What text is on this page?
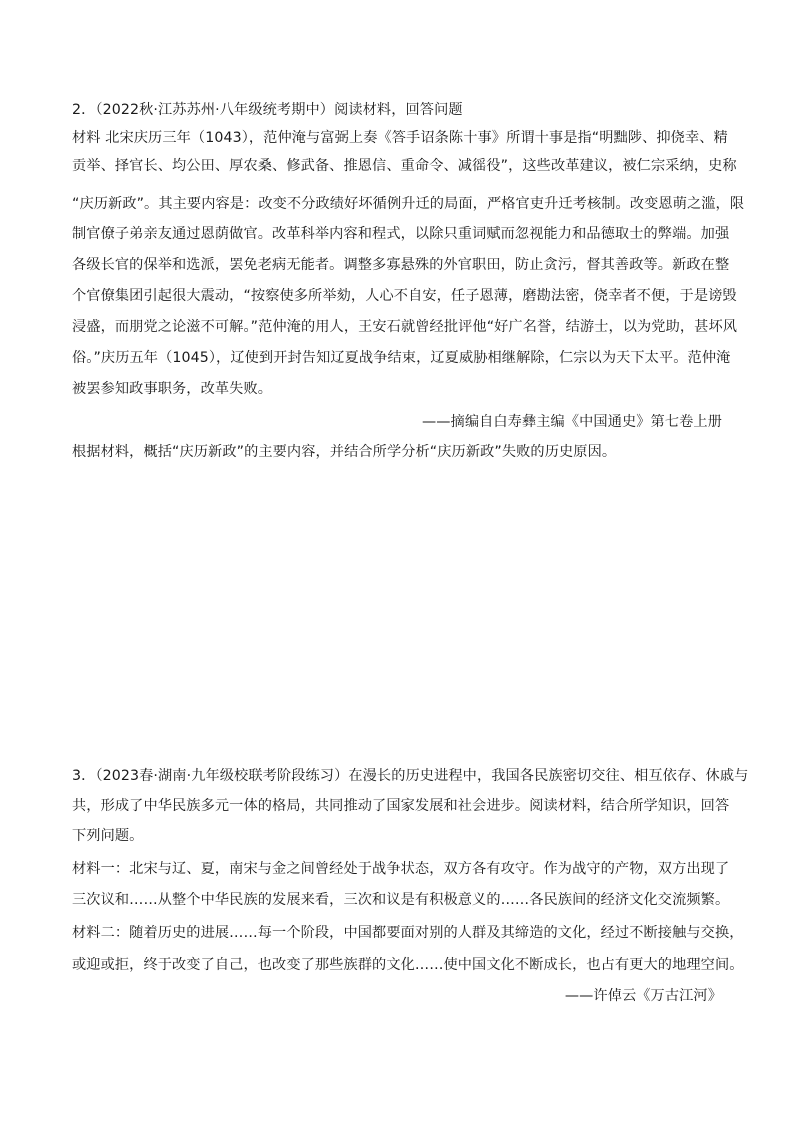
2．（2022秋·江苏苏州·八年级统考期中）阅读材料，回答问题
材料 北宋庆历三年（1043），范仲淹与富弼上奏《答手诏条陈十事》所谓十事是指“明黜陟、抑侥幸、精
贡举、择官长、均公田、厚农桑、修武备、推恩信、重命令、减徭役”，这些改革建议，被仁宗采纳，史称
“庆历新政”。其主要内容是：改变不分政绩好坏循例升迁的局面，严格官吏升迁考核制。改变恩萌之滥，限
制官僚子弟亲友通过恩荫做官。改革科举内容和程式，以除只重词赋而忽视能力和品德取士的弊端。加强
各级长官的保举和选派，罢免老病无能者。调整多寡悬殊的外官职田，防止贪污，督其善政等。新政在整
个官僚集团引起很大震动，“按察使多所举劾，人心不自安，任子恩薄，磨勘法密，侥幸者不便，于是谤毁
浸盛，而朋党之论滋不可解。”范仲淹的用人，王安石就曾经批评他“好广名誉，结游士，以为党助，甚坏风
俗。”庆历五年（1045），辽使到开封告知辽夏战争结束，辽夏威胁相继解除，仁宗以为天下太平。范仲淹
被罢参知政事职务，改革失败。
——摘编自白寿彝主编《中国通史》第七卷上册
根据材料，概括“庆历新政”的主要内容，并结合所学分析“庆历新政”失败的历史原因。
3．（2023春·湖南·九年级校联考阶段练习）在漫长的历史进程中，我国各民族密切交往、相互依存、休戚与
共，形成了中华民族多元一体的格局，共同推动了国家发展和社会进步。阅读材料，结合所学知识，回答
下列问题。
材料一：北宋与辽、夏，南宋与金之间曾经处于战争状态，双方各有攻守。作为战守的产物，双方出现了
三次议和……从整个中华民族的发展来看，三次和议是有积极意义的……各民族间的经济文化交流频繁。
材料二：随着历史的进展……每一个阶段，中国都要面对别的人群及其缔造的文化，经过不断接触与交换，
或迎或拒，终于改变了自己，也改变了那些族群的文化……使中国文化不断成长，也占有更大的地理空间。
——许倬云《万古江河》
